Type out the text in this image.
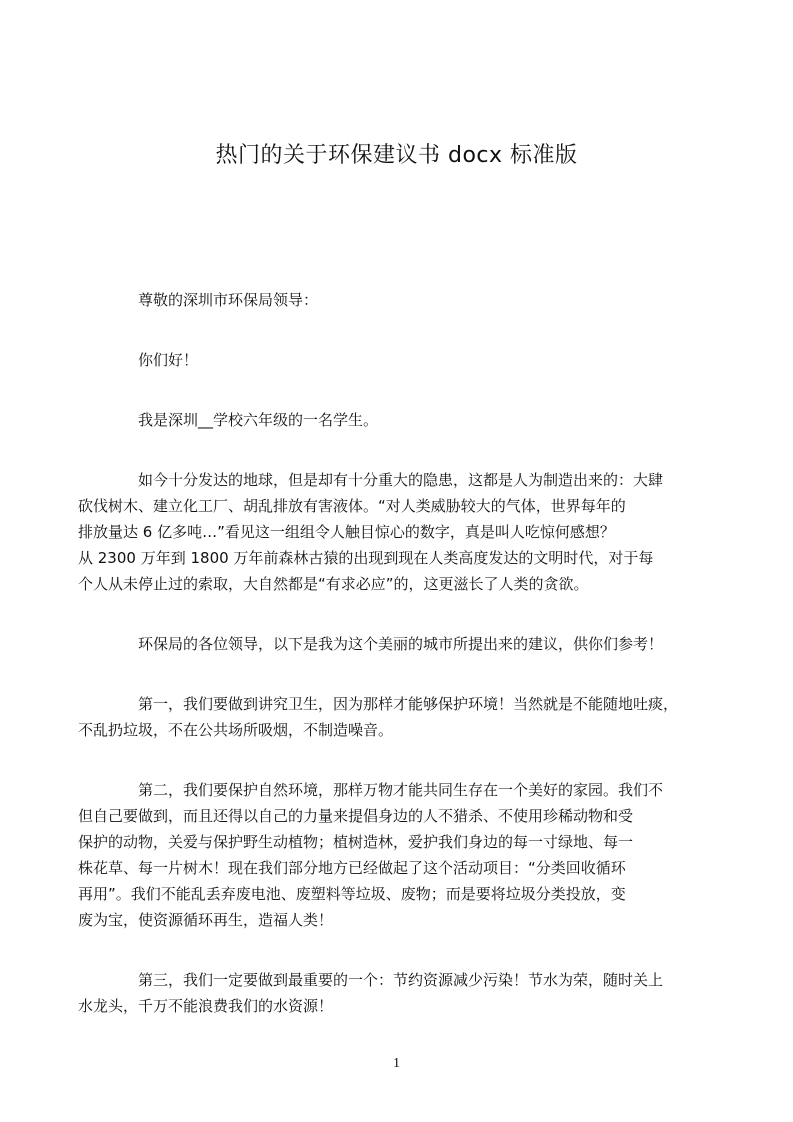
热门的关于环保建议书 docx 标准版

尊敬的深圳市环保局领导：

你们好！

我是深圳__学校六年级的一名学生。

如今十分发达的地球，但是却有十分重大的隐患，这都是人为制造出来的：大肆
砍伐树木、建立化工厂、胡乱排放有害液体。“对人类威胁较大的气体，世界每年的
排放量达 6 亿多吨…”看见这一组组令人触目惊心的数字，真是叫人吃惊何感想？
从 2300 万年到 1800 万年前森林古猿的出现到现在人类高度发达的文明时代，对于每
个人从未停止过的索取，大自然都是“有求必应”的，这更滋长了人类的贪欲。

环保局的各位领导，以下是我为这个美丽的城市所提出来的建议，供你们参考！

第一，我们要做到讲究卫生，因为那样才能够保护环境！当然就是不能随地吐痰，
不乱扔垃圾，不在公共场所吸烟，不制造噪音。

第二，我们要保护自然环境，那样万物才能共同生存在一个美好的家园。我们不
但自己要做到，而且还得以自己的力量来提倡身边的人不猎杀、不使用珍稀动物和受
保护的动物，关爱与保护野生动植物；植树造林，爱护我们身边的每一寸绿地、每一
株花草、每一片树木！现在我们部分地方已经做起了这个活动项目：“分类回收循环
再用”。我们不能乱丢弃废电池、废塑料等垃圾、废物；而是要将垃圾分类投放，变
废为宝，使资源循环再生，造福人类！

第三，我们一定要做到最重要的一个：节约资源减少污染！节水为荣，随时关上
水龙头，千万不能浪费我们的水资源！

1
